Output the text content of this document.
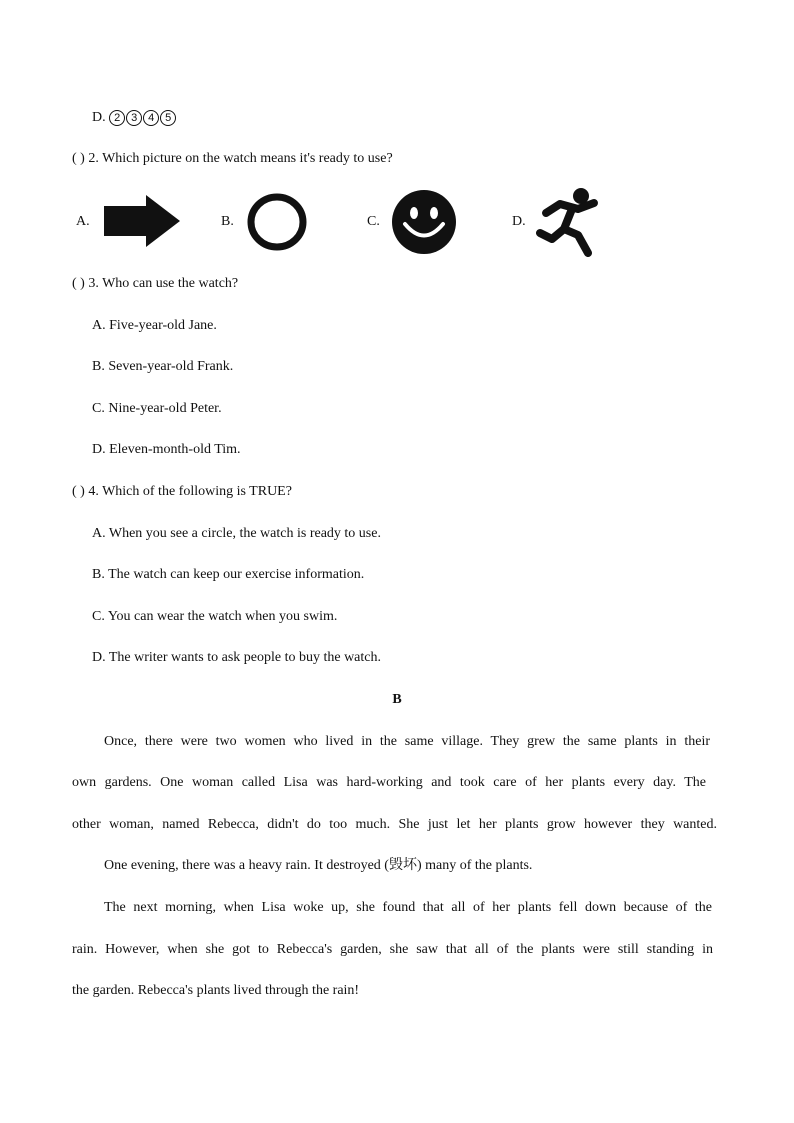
D. 2 3 4 5
( ) 2. Which picture on the watch means it's ready to use?
A.	B.	C.	D.
( ) 3. Who can use the watch?
A. Five-year-old Jane.
B. Seven-year-old Frank.
C. Nine-year-old Peter.
D. Eleven-month-old Tim.
( ) 4. Which of the following is TRUE?
A. When you see a circle, the watch is ready to use.
B. The watch can keep our exercise information.
C. You can wear the watch when you swim.
D. The writer wants to ask people to buy the watch.
B
Once, there were two women who lived in the same village. They grew the same plants in their
own gardens. One woman called Lisa was hard-working and took care of her plants every day. The
other woman, named Rebecca, didn't do too much. She just let her plants grow however they wanted.
One evening, there was a heavy rain. It destroyed (毁坏) many of the plants.
The next morning, when Lisa woke up, she found that all of her plants fell down because of the
rain. However, when she got to Rebecca's garden, she saw that all of the plants were still standing in
the garden. Rebecca's plants lived through the rain!
